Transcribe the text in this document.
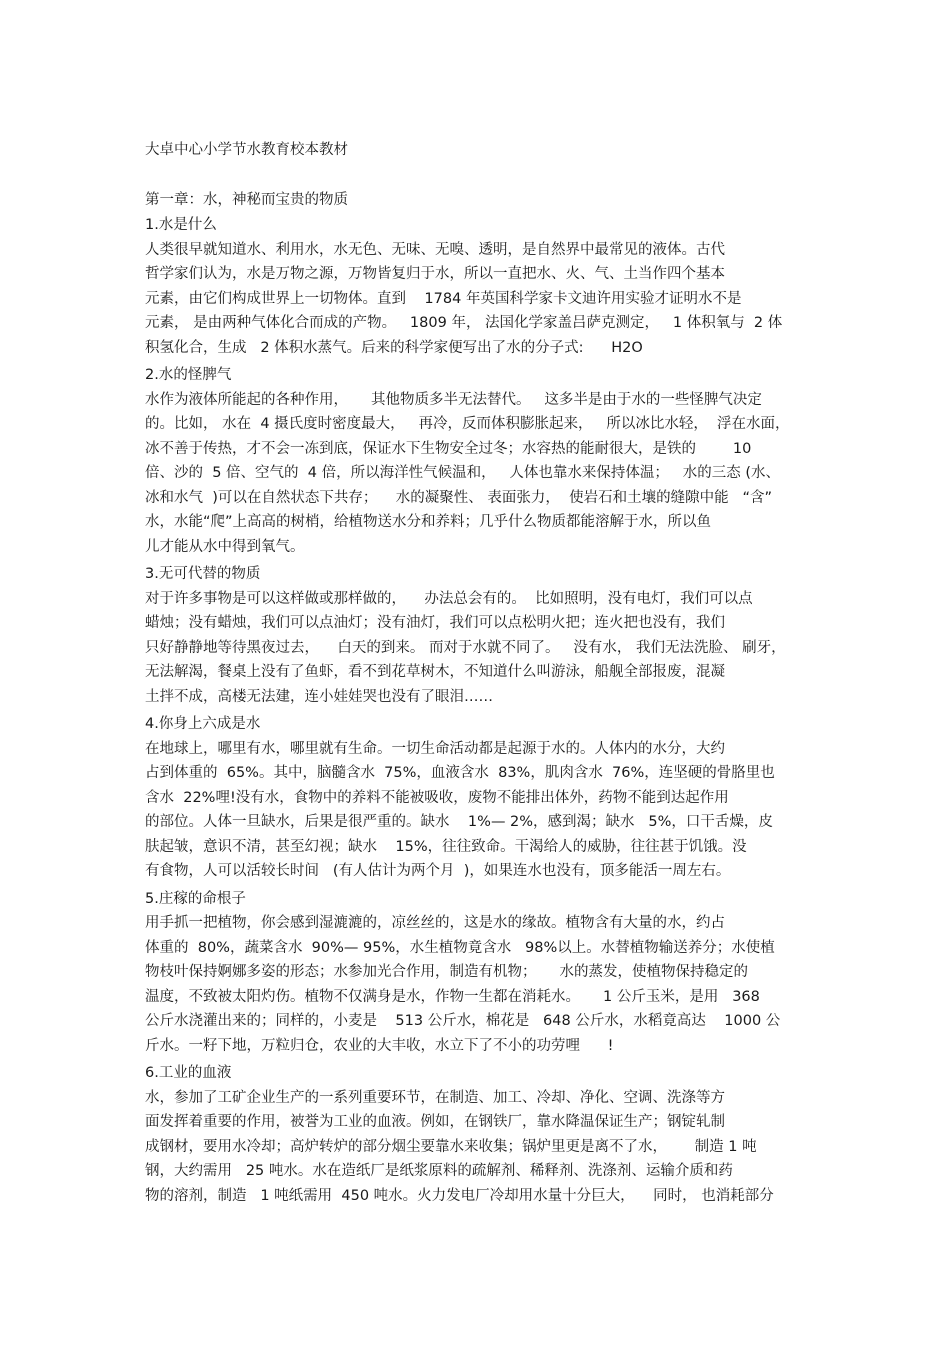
大卓中心小学节水教育校本教材
第一章：水，神秘而宝贵的物质
1.水是什么
人类很早就知道水、利用水，水无色、无味、无嗅、透明，是自然界中最常见的液体。古代
哲学家们认为，水是万物之源，万物皆复归于水，所以一直把水、火、气、土当作四个基本
元素，由它们构成世界上一切物体。直到    1784 年英国科学家卡文迪许用实验才证明水不是
元素， 是由两种气体化合而成的产物。   1809 年， 法国化学家盖吕萨克测定，   1 体积氧与  2 体
积氢化合，生成   2 体积水蒸气。后来的科学家便写出了水的分子式:      H2O
2.水的怪脾气
水作为液体所能起的各种作用，     其他物质多半无法替代。   这多半是由于水的一些怪脾气决定
的。比如， 水在  4 摄氏度时密度最大，   再冷，反而体积膨胀起来，   所以冰比水轻，  浮在水面，
冰不善于传热，才不会一冻到底，保证水下生物安全过冬；水容热的能耐很大，是铁的        10
倍、沙的  5 倍、空气的  4 倍，所以海洋性气候温和，   人体也靠水来保持体温；   水的三态 (水、
冰和水气  )可以在自然状态下共存；    水的凝聚性、 表面张力，  使岩石和土壤的缝隙中能   “含”
水，水能“爬”上高高的树梢，给植物送水分和养料；几乎什么物质都能溶解于水，所以鱼
儿才能从水中得到氧气。
3.无可代替的物质
对于许多事物是可以这样做或那样做的，    办法总会有的。  比如照明，没有电灯，我们可以点
蜡烛；没有蜡烛，我们可以点油灯；没有油灯，我们可以点松明火把；连火把也没有，我们
只好静静地等待黑夜过去，    白天的到来。 而对于水就不同了。   没有水， 我们无法洗脸、 刷牙，
无法解渴，餐桌上没有了鱼虾，看不到花草树木，不知道什么叫游泳，船舰全部报废，混凝
土拌不成，高楼无法建，连小娃娃哭也没有了眼泪……
4.你身上六成是水
在地球上，哪里有水，哪里就有生命。一切生命活动都是起源于水的。人体内的水分，大约
占到体重的  65%。其中，脑髓含水  75%，血液含水  83%，肌肉含水  76%，连坚硬的骨胳里也
含水  22%哩!没有水，食物中的养料不能被吸收，废物不能排出体外，药物不能到达起作用
的部位。人体一旦缺水，后果是很严重的。缺水    1%— 2%，感到渴；缺水   5%，口干舌燥，皮
肤起皱，意识不清，甚至幻视；缺水    15%，往往致命。干渴给人的威胁，往往甚于饥饿。没
有食物，人可以活较长时间   (有人估计为两个月  )，如果连水也没有，顶多能活一周左右。
5.庄稼的命根子
用手抓一把植物，你会感到湿漉漉的，凉丝丝的，这是水的缘故。植物含有大量的水，约占
体重的  80%，蔬菜含水  90%— 95%，水生植物竟含水   98%以上。水替植物输送养分；水使植
物枝叶保持婀娜多姿的形态；水参加光合作用，制造有机物；     水的蒸发，使植物保持稳定的
温度，不致被太阳灼伤。植物不仅满身是水，作物一生都在消耗水。     1 公斤玉米，是用   368
公斤水浇灌出来的；同样的，小麦是    513 公斤水，棉花是   648 公斤水，水稻竟高达    1000 公
斤水。一籽下地，万粒归仓，农业的大丰收，水立下了不小的功劳哩      !
6.工业的血液
水，参加了工矿企业生产的一系列重要环节，在制造、加工、冷却、净化、空调、洗涤等方
面发挥着重要的作用，被誉为工业的血液。例如，在钢铁厂，靠水降温保证生产；钢锭轧制
成钢材，要用水冷却；高炉转炉的部分烟尘要靠水来收集；锅炉里更是离不了水，      制造 1 吨
钢，大约需用   25 吨水。水在造纸厂是纸浆原料的疏解剂、稀释剂、洗涤剂、运输介质和药
物的溶剂，制造   1 吨纸需用  450 吨水。火力发电厂冷却用水量十分巨大，    同时， 也消耗部分
